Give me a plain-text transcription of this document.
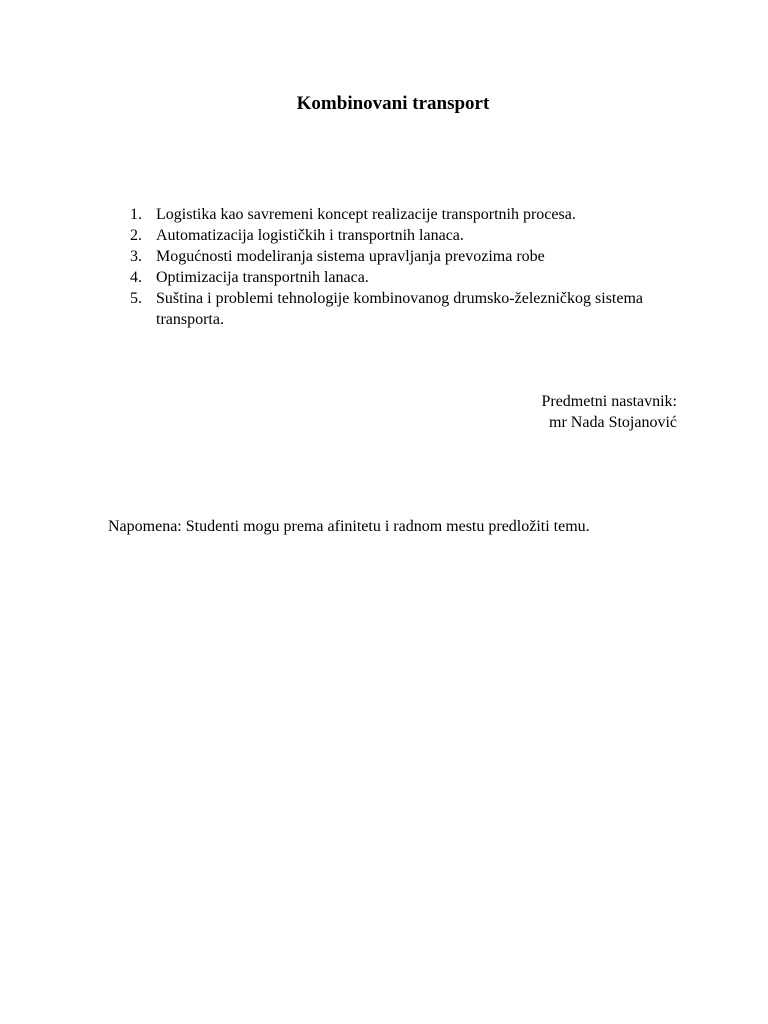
Kombinovani transport
1. Logistika kao savremeni koncept realizacije transportnih procesa.
2. Automatizacija logističkih i transportnih lanaca.
3. Mogućnosti modeliranja sistema upravljanja prevozima robe
4. Optimizacija transportnih lanaca.
5. Suština i problemi tehnologije kombinovanog drumsko-železničkog sistema transporta.
Predmetni nastavnik:
mr Nada Stojanović
Napomena: Studenti mogu prema afinitetu i radnom mestu predložiti temu.
